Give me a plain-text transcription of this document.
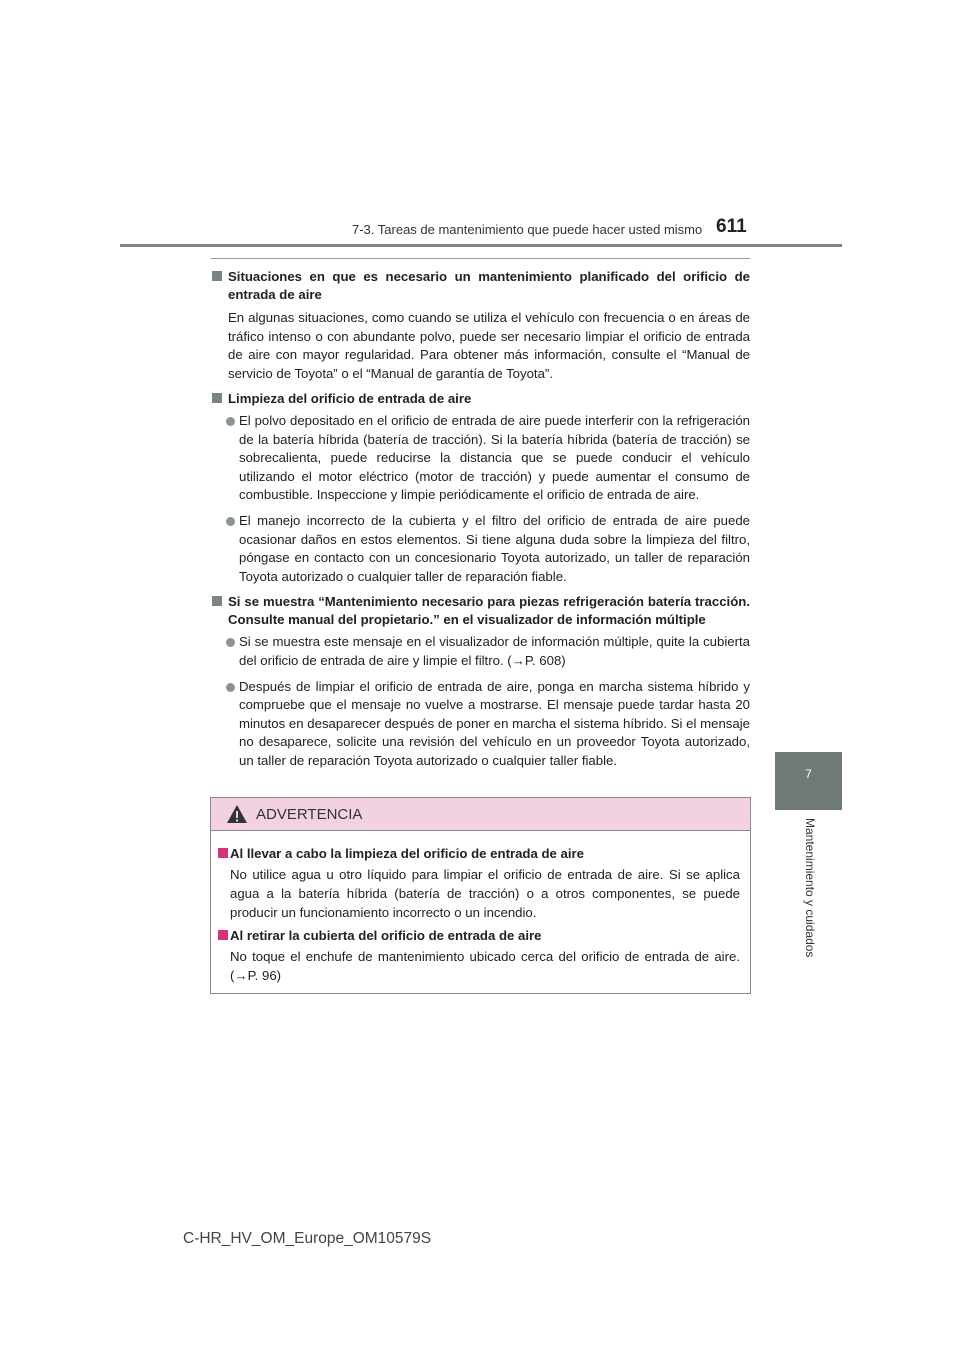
7-3. Tareas de mantenimiento que puede hacer usted mismo 611
7
Mantenimiento y cuidados
Situaciones en que es necesario un mantenimiento planificado del orificio de entrada de aire
En algunas situaciones, como cuando se utiliza el vehículo con frecuencia o en áreas de tráfico intenso o con abundante polvo, puede ser necesario limpiar el orificio de entrada de aire con mayor regularidad. Para obtener más información, consulte el “Manual de servicio de Toyota” o el “Manual de garantía de Toyota”.
Limpieza del orificio de entrada de aire
El polvo depositado en el orificio de entrada de aire puede interferir con la refrigeración de la batería híbrida (batería de tracción). Si la batería híbrida (batería de tracción) se sobrecalienta, puede reducirse la distancia que se puede conducir el vehículo utilizando el motor eléctrico (motor de tracción) y puede aumentar el consumo de combustible. Inspeccione y limpie periódicamente el orificio de entrada de aire.
El manejo incorrecto de la cubierta y el filtro del orificio de entrada de aire puede ocasionar daños en estos elementos. Si tiene alguna duda sobre la limpieza del filtro, póngase en contacto con un concesionario Toyota autorizado, un taller de reparación Toyota autorizado o cualquier taller de reparación fiable.
Si se muestra “Mantenimiento necesario para piezas refrigeración batería tracción. Consulte manual del propietario.” en el visualizador de información múltiple
Si se muestra este mensaje en el visualizador de información múltiple, quite la cubierta del orificio de entrada de aire y limpie el filtro. (→P. 608)
Después de limpiar el orificio de entrada de aire, ponga en marcha sistema híbrido y compruebe que el mensaje no vuelve a mostrarse. El mensaje puede tardar hasta 20 minutos en desaparecer después de poner en marcha el sistema híbrido. Si el mensaje no desaparece, solicite una revisión del vehículo en un proveedor Toyota autorizado, un taller de reparación Toyota autorizado o cualquier taller fiable.
ADVERTENCIA
Al llevar a cabo la limpieza del orificio de entrada de aire
No utilice agua u otro líquido para limpiar el orificio de entrada de aire. Si se aplica agua a la batería híbrida (batería de tracción) o a otros componentes, se puede producir un funcionamiento incorrecto o un incendio.
Al retirar la cubierta del orificio de entrada de aire
No toque el enchufe de mantenimiento ubicado cerca del orificio de entrada de aire. (→P. 96)
C-HR_HV_OM_Europe_OM10579S
